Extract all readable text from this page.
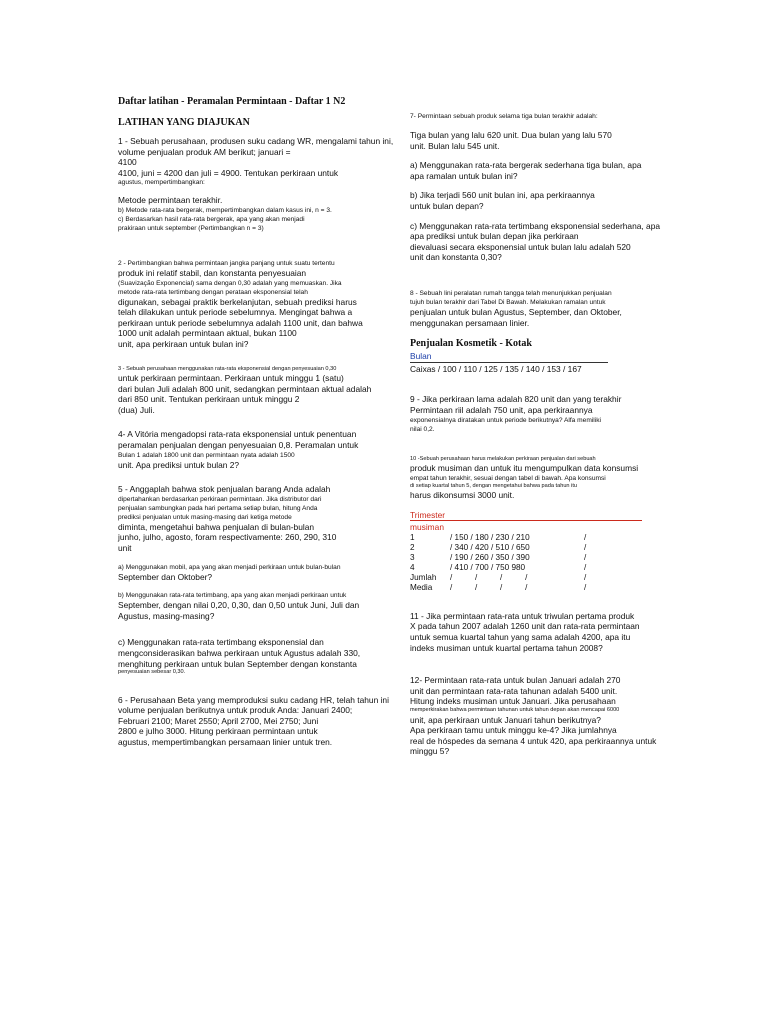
Daftar latihan - Peramalan Permintaan - Daftar 1 N2
LATIHAN YANG DIAJUKAN
1 - Sebuah perusahaan, produsen suku cadang WR, mengalami tahun ini,
volume penjualan produk AM berikut; januari =
4100
4100, juni = 4200 dan juli = 4900. Tentukan perkiraan untuk
agustus, mempertimbangkan:
Metode permintaan terakhir.
b) Metode rata-rata bergerak, mempertimbangkan dalam kasus ini, n = 3.
c) Berdasarkan hasil rata-rata bergerak, apa yang akan menjadi
prakiraan untuk september (Pertimbangkan n = 3)
2 - Pertimbangkan bahwa permintaan jangka panjang untuk suatu tertentu
produk ini relatif stabil, dan konstanta penyesuaian
(Suavização Exponencial) sama dengan 0,30 adalah yang memuaskan. Jika
metode rata-rata tertimbang dengan perataan eksponensial telah
digunakan, sebagai praktik berkelanjutan, sebuah prediksi harus
telah dilakukan untuk periode sebelumnya. Mengingat bahwa a
perkiraan untuk periode sebelumnya adalah 1100 unit, dan bahwa
1000 unit adalah permintaan aktual, bukan 1100
unit, apa perkiraan untuk bulan ini?
3 - Sebuah perusahaan menggunakan rata-rata eksponensial dengan penyesuaian 0,30
untuk perkiraan permintaan. Perkiraan untuk minggu 1 (satu)
dari bulan Juli adalah 800 unit, sedangkan permintaan aktual adalah
dari 850 unit. Tentukan perkiraan untuk minggu 2
(dua) Juli.
4- A Vitória mengadopsi rata-rata eksponensial untuk penentuan
peramalan penjualan dengan penyesuaian 0,8. Peramalan untuk
Bulan 1 adalah 1800 unit dan permintaan nyata adalah 1500
unit. Apa prediksi untuk bulan 2?
5 - Anggaplah bahwa stok penjualan barang Anda adalah
dipertahankan berdasarkan perkiraan permintaan. Jika distributor dari
penjualan sambungkan pada hari pertama setiap bulan, hitung Anda
prediksi penjualan untuk masing-masing dari ketiga metode
diminta, mengetahui bahwa penjualan di bulan-bulan
junho, julho, agosto, foram respectivamente: 260, 290, 310
unit
a) Menggunakan mobil, apa yang akan menjadi perkiraan untuk bulan-bulan
September dan Oktober?
b) Menggunakan rata-rata tertimbang, apa yang akan menjadi perkiraan untuk
September, dengan nilai 0,20, 0,30, dan 0,50 untuk Juni, Juli dan
Agustus, masing-masing?
c) Menggunakan rata-rata tertimbang eksponensial dan
mengconsiderasikan bahwa perkiraan untuk Agustus adalah 330,
menghitung perkiraan untuk bulan September dengan konstanta
penyesuaian sebesar 0,30.
6 - Perusahaan Beta yang memproduksi suku cadang HR, telah tahun ini
volume penjualan berikutnya untuk produk Anda: Januari 2400;
Februari 2100; Maret 2550; April 2700, Mei 2750; Juni
2800 e julho 3000. Hitung perkiraan permintaan untuk
agustus, mempertimbangkan persamaan linier untuk tren.
7- Permintaan sebuah produk selama tiga bulan terakhir adalah:
Tiga bulan yang lalu 620 unit. Dua bulan yang lalu 570
unit. Bulan lalu 545 unit.
a) Menggunakan rata-rata bergerak sederhana tiga bulan, apa
apa ramalan untuk bulan ini?
b) Jika terjadi 560 unit bulan ini, apa perkiraannya
untuk bulan depan?
c) Menggunakan rata-rata tertimbang eksponensial sederhana, apa
apa prediksi untuk bulan depan jika perkiraan
dievaluasi secara eksponensial untuk bulan lalu adalah 520
unit dan konstanta 0,30?
8 - Sebuah lini peralatan rumah tangga telah menunjukkan penjualan
tujuh bulan terakhir dari Tabel Di Bawah. Melakukan ramalan untuk
penjualan untuk bulan Agustus, September, dan Oktober,
menggunakan persamaan linier.
Penjualan Kosmetik - Kotak
Bulan
Caixas / 100 / 110 / 125 / 135 / 140 / 153 / 167
9 - Jika perkiraan lama adalah 820 unit dan yang terakhir
Permintaan riil adalah 750 unit, apa perkiraannya
exponensialnya diratakan untuk periode berikutnya? Alfa memiliki
nilai 0,2.
10 -Sebuah perusahaan harus melakukan perkiraan penjualan dari sebuah
produk musiman dan untuk itu mengumpulkan data konsumsi
empat tahun terakhir, sesuai dengan tabel di bawah. Apa konsumsi
di setiap kuartal tahun 5, dengan mengetahui bahwa pada tahun itu
harus dikonsumsi 3000 unit.
Trimester
musiman
1	/ 150 / 180 / 230 / 210	/
2	/ 340 / 420 / 510 / 650	/
3	/ 190 / 260 / 350 / 390	/
4	/ 410 / 700 / 750 980	/
Jumlah	/          /          /          /	/
Media	/          /          /          /	/
11 - Jika permintaan rata-rata untuk triwulan pertama produk
X pada tahun 2007 adalah 1260 unit dan rata-rata permintaan
untuk semua kuartal tahun yang sama adalah 4200, apa itu
indeks musiman untuk kuartal pertama tahun 2008?
12- Permintaan rata-rata untuk bulan Januari adalah 270
unit dan permintaan rata-rata tahunan adalah 5400 unit.
Hitung indeks musiman untuk Januari. Jika perusahaan
memperkirakan bahwa permintaan tahunan untuk tahun depan akan mencapai 6000
unit, apa perkiraan untuk Januari tahun berikutnya?
Apa perkiraan tamu untuk minggu ke-4? Jika jumlahnya
real de hóspedes da semana 4 untuk 420, apa perkiraannya untuk
minggu 5?
